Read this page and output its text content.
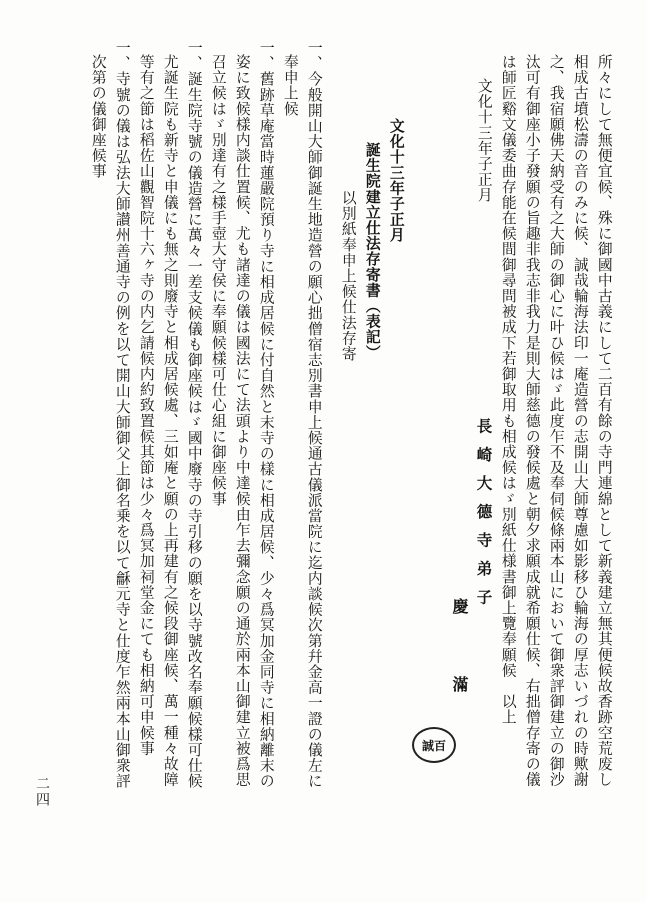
所々にして無便宜候、殊に御國中古義にして二百有餘の寺門連綿として新義建立無其便候故香跡空荒废し
相成古墳松濤の音のみに候、誠哉輪海法印一庵造營の志開山大師尊慮如影移ひ輪海の厚志いづれの時歟謝
之、我宿願佛天納受有之大師の御心に叶ひ候はゞ此度乍不及奉伺候條兩本山において御衆評御建立の御沙
汰可有御座小子發願の旨趣非我志非我力是則大師慈德の發候處と朝夕求願成就希願仕候、右拙僧存寄の儀
は師匠谿文儀委曲存能在候間御尋問被成下若御取用も相成候はゞ別紙仕様書御上覽奉願候　以上
文化十三年子正月
文化十三年子正月
誕生院建立仕法存寄書（表記）
以別紙奉申上候仕法存寄
一、今般開山大師御誕生地造營の願心拙僧宿志別書申上候通古儀派當院に迄内談候次第幷金高一證の儀左に
奉申上候
一、舊跡草庵當時蓮嚴院預り寺に相成居候に付自然と末寺の樣に相成居候、少々爲冥加金同寺に相納離末の
姿に致候樣内談仕置候、尤も諸達の儀は國法にて法頭より中達候由乍去彌念願の通於兩本山御建立被爲思
召立候はゞ別達有之樣手壺大守侯に奉願候樣可仕心組に御座候事
一、誕生院寺號の儀造營に萬々一差支候儀も御座候はゞ國中廢寺の寺引移の願を以寺號改名奉願候樣可仕候
尤誕生院も新寺と申儀にも無之則廢寺と相成居候處、三如庵と願の上再建有之候段御座候、萬一種々故障
等有之節は稻佐山觀智院十六ヶ寺の内乞請候内約致置候其節は少々爲冥加祠堂金にても相納可申候事
一、寺號の儀は弘法大師讃州善通寺の例を以て開山大師御父上御名乗を以て龢元寺と仕度乍然兩本山御衆評
次第の儀御座候事
長崎大德寺弟子
慶
滿
誠百
二四
